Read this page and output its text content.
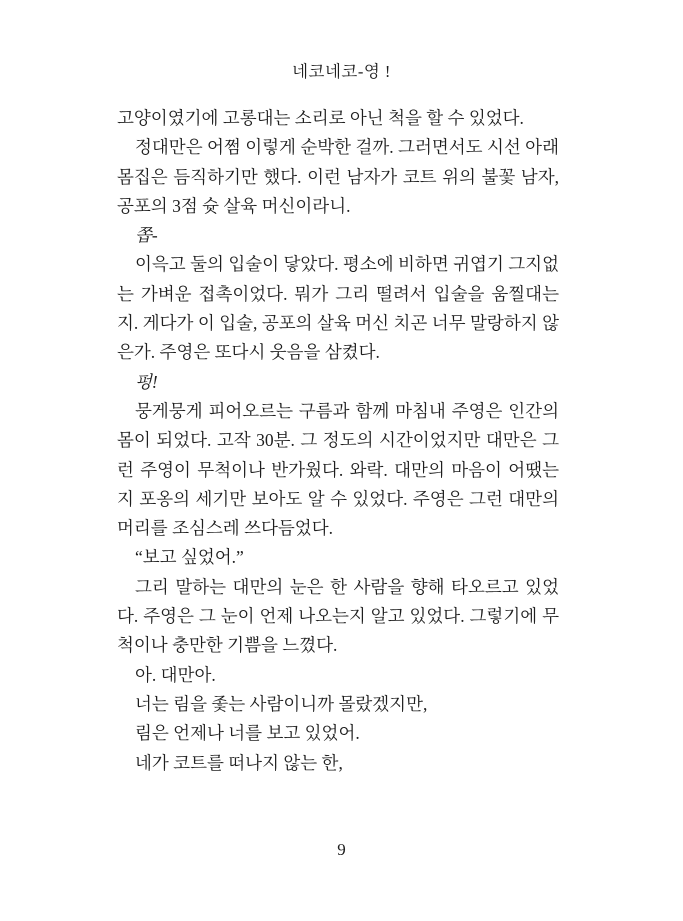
네코네코-영 !

고양이였기에 고롱대는 소리로 아닌 척을 할 수 있었다.

정대만은 어쩜 이렇게 순박한 걸까. 그러면서도 시선 아래 몸집은 듬직하기만 했다. 이런 남자가 코트 위의 불꽃 남자, 공포의 3점 슛 살육 머신이라니.

쫍-

이윽고 둘의 입술이 닿았다. 평소에 비하면 귀엽기 그지없는 가벼운 접촉이었다. 뭐가 그리 떨려서 입술을 움찔대는지. 게다가 이 입술, 공포의 살육 머신 치곤 너무 말랑하지 않은가. 주영은 또다시 웃음을 삼켰다.

펑!

뭉게뭉게 피어오르는 구름과 함께 마침내 주영은 인간의 몸이 되었다. 고작 30분. 그 정도의 시간이었지만 대만은 그런 주영이 무척이나 반가웠다. 와락. 대만의 마음이 어땠는지 포옹의 세기만 보아도 알 수 있었다. 주영은 그런 대만의 머리를 조심스레 쓰다듬었다.

“보고 싶었어.”

그리 말하는 대만의 눈은 한 사람을 향해 타오르고 있었다. 주영은 그 눈이 언제 나오는지 알고 있었다. 그렇기에 무척이나 충만한 기쁨을 느꼈다.

아. 대만아.

너는 림을 좇는 사람이니까 몰랐겠지만,

림은 언제나 너를 보고 있었어.

네가 코트를 떠나지 않는 한,

9
